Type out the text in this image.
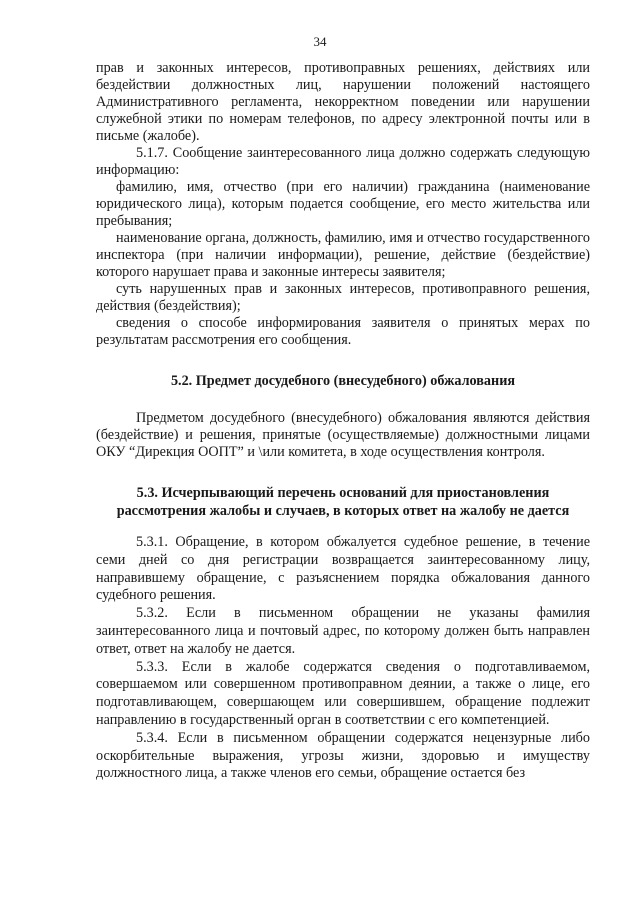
34

прав и законных интересов, противоправных решениях, действиях или бездействии должностных лиц, нарушении положений настоящего Административного регламента, некорректном поведении или нарушении служебной этики по номерам телефонов, по адресу электронной почты или в письме (жалобе).

5.1.7. Сообщение заинтересованного лица должно содержать следующую информацию:

фамилию, имя, отчество (при его наличии) гражданина (наименование юридического лица), которым подается сообщение, его место жительства или пребывания;

наименование органа, должность, фамилию, имя и отчество государственного инспектора (при наличии информации), решение, действие (бездействие) которого нарушает права и законные интересы заявителя;

суть нарушенных прав и законных интересов, противоправного решения, действия (бездействия);

сведения о способе информирования заявителя о принятых мерах по результатам рассмотрения его сообщения.

5.2. Предмет досудебного (внесудебного) обжалования

Предметом досудебного (внесудебного) обжалования являются действия (бездействие) и решения, принятые (осуществляемые) должностными лицами ОКУ “Дирекция ООПТ” и \или комитета, в ходе осуществления контроля.

5.3. Исчерпывающий перечень оснований для приостановления

рассмотрения жалобы и случаев, в которых ответ на жалобу не дается

5.3.1. Обращение, в котором обжалуется судебное решение, в течение семи дней со дня регистрации возвращается заинтересованному лицу, направившему обращение, с разъяснением порядка обжалования данного судебного решения.

5.3.2. Если в письменном обращении не указаны фамилия заинтересованного лица и почтовый адрес, по которому должен быть направлен ответ, ответ на жалобу не дается.

5.3.3. Если в жалобе содержатся сведения о подготавливаемом, совершаемом или совершенном противоправном деянии, а также о лице, его подготавливающем, совершающем или совершившем, обращение подлежит направлению в государственный орган в соответствии с его компетенцией.

5.3.4. Если в письменном обращении содержатся нецензурные либо оскорбительные выражения, угрозы жизни, здоровью и имуществу должностного лица, а также членов его семьи, обращение остается без
